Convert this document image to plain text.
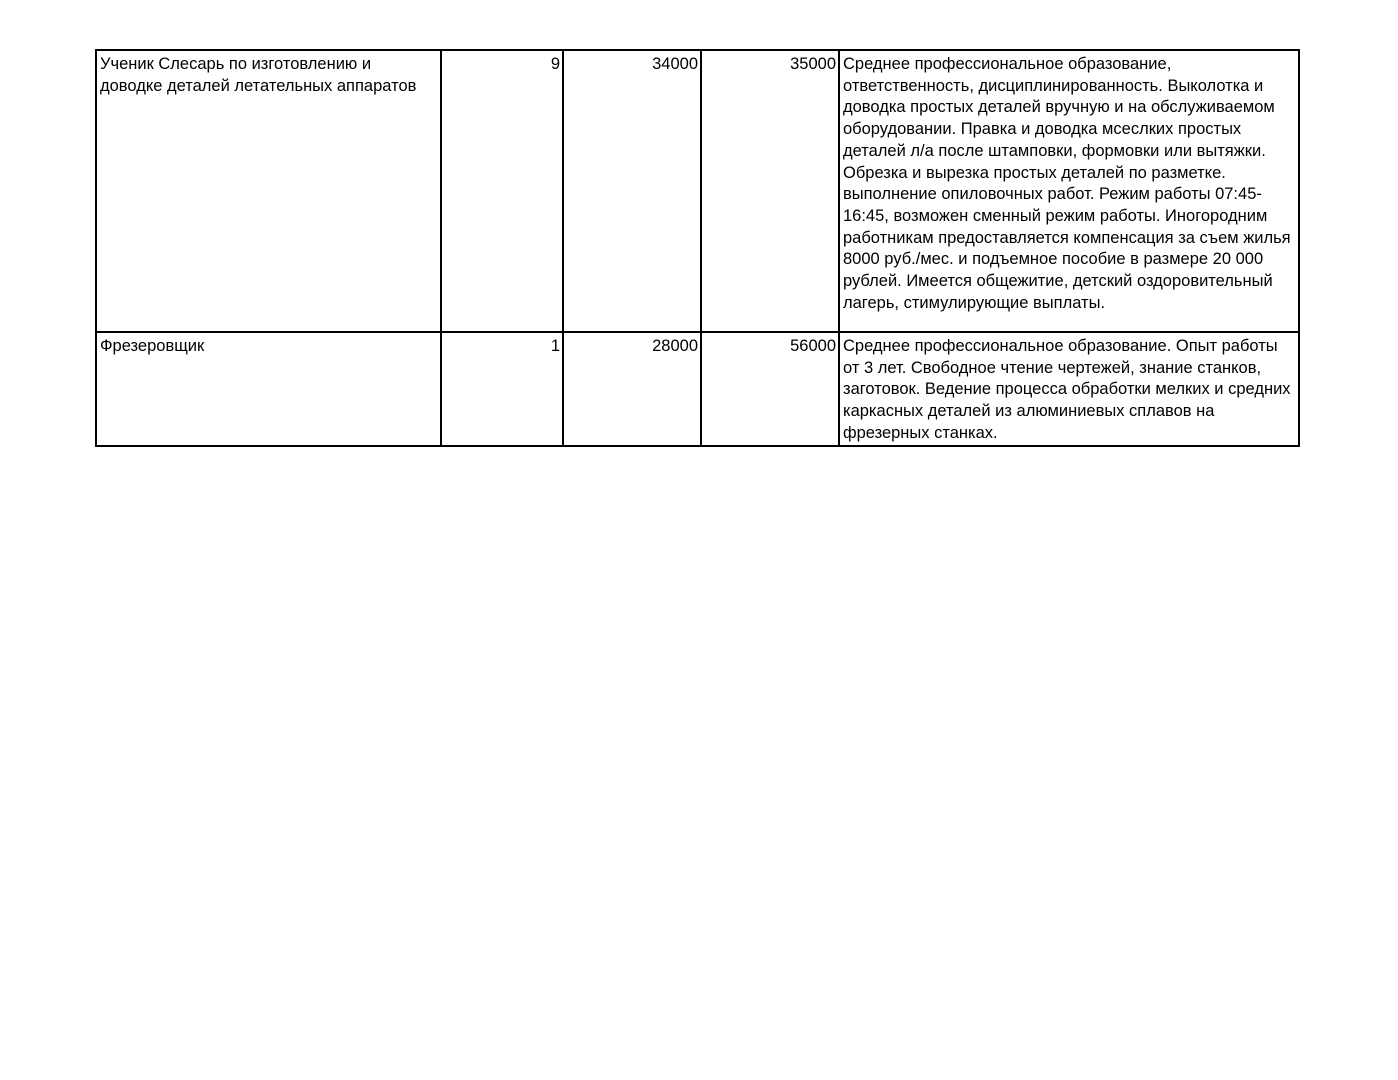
Ученик Слесарь по изготовлению и доводке деталей летательных аппаратов	9	34000	35000	Среднее профессиональное образование, ответственность, дисциплинированность. Выколотка и доводка простых деталей вручную и на обслуживаемом оборудовании. Правка и доводка мсеслких простых деталей л/а после штамповки, формовки или вытяжки. Обрезка и вырезка простых деталей по разметке. выполнение опиловочных работ. Режим работы 07:45-16:45, возможен сменный режим работы. Иногородним работникам предоставляется компенсация за съем жилья 8000 руб./мес. и подъемное пособие в размере 20 000 рублей. Имеется общежитие, детский оздоровительный лагерь, стимулирующие выплаты.
Фрезеровщик	1	28000	56000	Среднее профессиональное образование. Опыт работы от 3 лет. Свободное чтение чертежей, знание станков, заготовок. Ведение процесса обработки мелких и средних каркасных деталей из алюминиевых сплавов на фрезерных станках.
